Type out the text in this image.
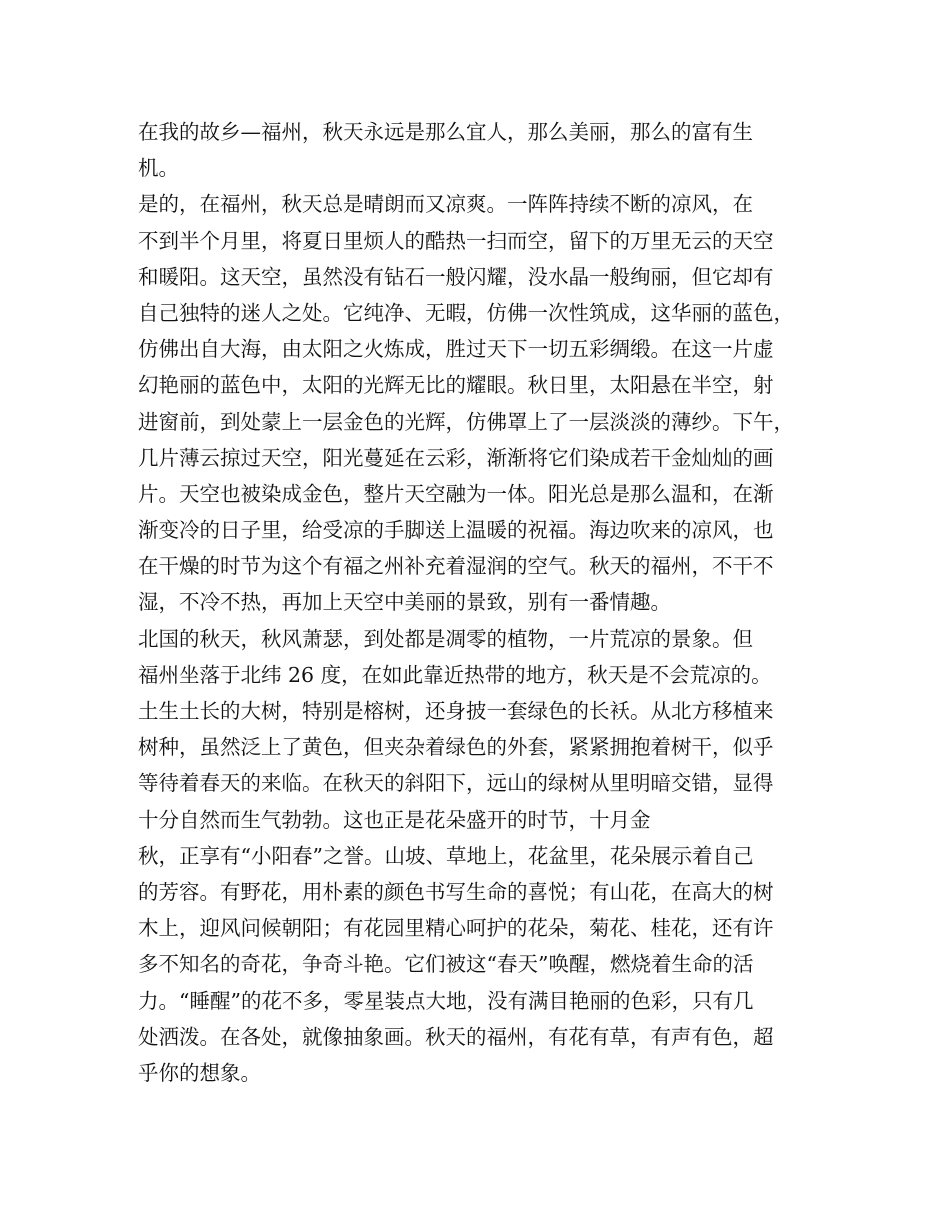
在我的故乡—福州，秋天永远是那么宜人，那么美丽，那么的富有生
机。
是的，在福州，秋天总是晴朗而又凉爽。一阵阵持续不断的凉风，在
不到半个月里，将夏日里烦人的酷热一扫而空，留下的万里无云的天空
和暖阳。这天空，虽然没有钻石一般闪耀，没水晶一般绚丽，但它却有
自己独特的迷人之处。它纯净、无暇，仿佛一次性筑成，这华丽的蓝色，
仿佛出自大海，由太阳之火炼成，胜过天下一切五彩绸缎。在这一片虚
幻艳丽的蓝色中，太阳的光辉无比的耀眼。秋日里，太阳悬在半空，射
进窗前，到处蒙上一层金色的光辉，仿佛罩上了一层淡淡的薄纱。下午，
几片薄云掠过天空，阳光蔓延在云彩，渐渐将它们染成若干金灿灿的画
片。天空也被染成金色，整片天空融为一体。阳光总是那么温和，在渐
渐变冷的日子里，给受凉的手脚送上温暖的祝福。海边吹来的凉风，也
在干燥的时节为这个有福之州补充着湿润的空气。秋天的福州，不干不
湿，不冷不热，再加上天空中美丽的景致，别有一番情趣。
北国的秋天，秋风萧瑟，到处都是凋零的植物，一片荒凉的景象。但
福州坐落于北纬 26 度，在如此靠近热带的地方，秋天是不会荒凉的。
土生土长的大树，特别是榕树，还身披一套绿色的长袄。从北方移植来
树种，虽然泛上了黄色，但夹杂着绿色的外套，紧紧拥抱着树干，似乎
等待着春天的来临。在秋天的斜阳下，远山的绿树从里明暗交错，显得
十分自然而生气勃勃。这也正是花朵盛开的时节，十月金
秋，正享有“小阳春”之誉。山坡、草地上，花盆里，花朵展示着自己
的芳容。有野花，用朴素的颜色书写生命的喜悦；有山花，在高大的树
木上，迎风问候朝阳；有花园里精心呵护的花朵，菊花、桂花，还有许
多不知名的奇花，争奇斗艳。它们被这“春天”唤醒，燃烧着生命的活
力。“睡醒”的花不多，零星装点大地，没有满目艳丽的色彩，只有几
处洒泼。在各处，就像抽象画。秋天的福州，有花有草，有声有色，超
乎你的想象。
